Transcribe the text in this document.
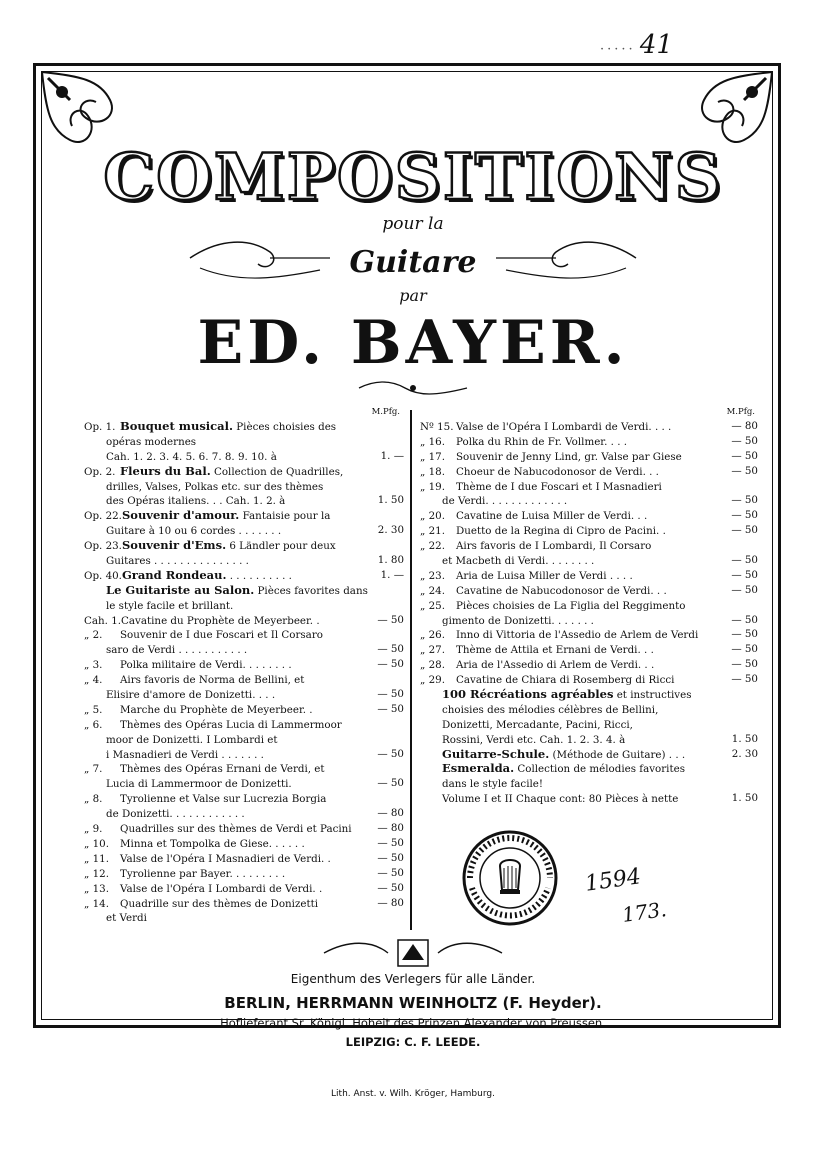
····· 41
COMPOSITIONS
pour la
Guitare
par
ED. BAYER.
M.Pfg.	M.Pfg.
Op. 1. Bouquet musical. Pièces choisies des
opéras modernes
Cah. 1. 2. 3. 4. 5. 6. 7. 8. 9. 10. à	1. —
Op. 2. Fleurs du Bal. Collection de Quadrilles,
drilles, Valses, Polkas etc. sur des thèmes
des Opéras italiens. . . Cah. 1. 2. à	1. 50
Op. 22.Souvenir d'amour. Fantaisie pour la
Guitare à 10 ou 6 cordes . . . . . . .	2. 30
Op. 23.Souvenir d'Ems. 6 Ländler pour deux
Guitares . . . . . . . . . . . . . . .	1. 80
Op. 40.Grand Rondeau. . . . . . . . . . .	1. —
Le Guitariste au Salon. Pièces favorites dans
le style facile et brillant.
Cah. 1.Cavatine du Prophète de Meyerbeer. .	— 50
„ 2. Souvenir de I due Foscari et Il Corsaro
saro de Verdi . . . . . . . . . . .	— 50
„ 3. Polka militaire de Verdi. . . . . . . .	— 50
„ 4. Airs favoris de Norma de Bellini, et
Elisire d'amore de Donizetti. . . .	— 50
„ 5. Marche du Prophète de Meyerbeer. .	— 50
„ 6. Thèmes des Opéras Lucia di Lammermoor
moor de Donizetti. I Lombardi et
i Masnadieri de Verdi . . . . . . .	— 50
„ 7. Thèmes des Opéras Ernani de Verdi, et
Lucia di Lammermoor de Donizetti.	— 50
„ 8. Tyrolienne et Valse sur Lucrezia Borgia
de Donizetti. . . . . . . . . . . .	— 80
„ 9. Quadrilles sur des thèmes de Verdi et Pacini — 80
„ 10. Minna et Tompolka de Giese. . . . . .	— 50
„ 11. Valse de l'Opéra I Masnadieri de Verdi. .	— 50
„ 12. Tyrolienne par Bayer. . . . . . . . .	— 50
„ 13. Valse de l'Opéra I Lombardi de Verdi. .	— 50
„ 14. Quadrille sur des thèmes de Donizetti	— 80
et Verdi
Nº 15. Valse de l'Opéra I Lombardi de Verdi. . . .	— 80
„ 16. Polka du Rhin de Fr. Vollmer. . . .	— 50
„ 17. Souvenir de Jenny Lind, gr. Valse par Giese	— 50
„ 18. Choeur de Nabucodonosor de Verdi. . .	— 50
„ 19. Thème de I due Foscari et I Masnadieri
de Verdi. . . . . . . . . . . . .	— 50
„ 20. Cavatine de Luisa Miller de Verdi. . .	— 50
„ 21. Duetto de la Regina di Cipro de Pacini. .	— 50
„ 22. Airs favoris de I Lombardi, Il Corsaro
et Macbeth di Verdi. . . . . . . .	— 50
„ 23. Aria de Luisa Miller de Verdi . . . .	— 50
„ 24. Cavatine de Nabucodonosor de Verdi. . .	— 50
„ 25. Pièces choisies de La Figlia del Reggimento
gimento de Donizetti. . . . . . .	— 50
„ 26. Inno di Vittoria de l'Assedio de Arlem de Verdi	— 50
„ 27. Thème de Attila et Ernani de Verdi. . .	— 50
„ 28. Aria de l'Assedio di Arlem de Verdi. . .	— 50
„ 29. Cavatine de Chiara di Rosemberg di Ricci	— 50
100 Récréations agréables et instructives
choisies des mélodies célèbres de Bellini,
Donizetti, Mercadante, Pacini, Ricci,
Rossini, Verdi etc. Cah. 1. 2. 3. 4. à	1. 50
Guitarre-Schule. (Méthode de Guitare) . . .	2. 30
Esmeralda. Collection de mélodies favorites
dans le style facile!
Volume I et II Chaque cont: 80 Pièces à nette	1. 50
1594
173.
Eigenthum des Verlegers für alle Länder.
BERLIN, HERRMANN WEINHOLTZ (F. Heyder).
Hoflieferant Sr. Königl. Hoheit des Prinzen Alexander von Preussen.
LEIPZIG: C. F. LEEDE.
Lith. Anst. v. Wilh. Kröger, Hamburg.
